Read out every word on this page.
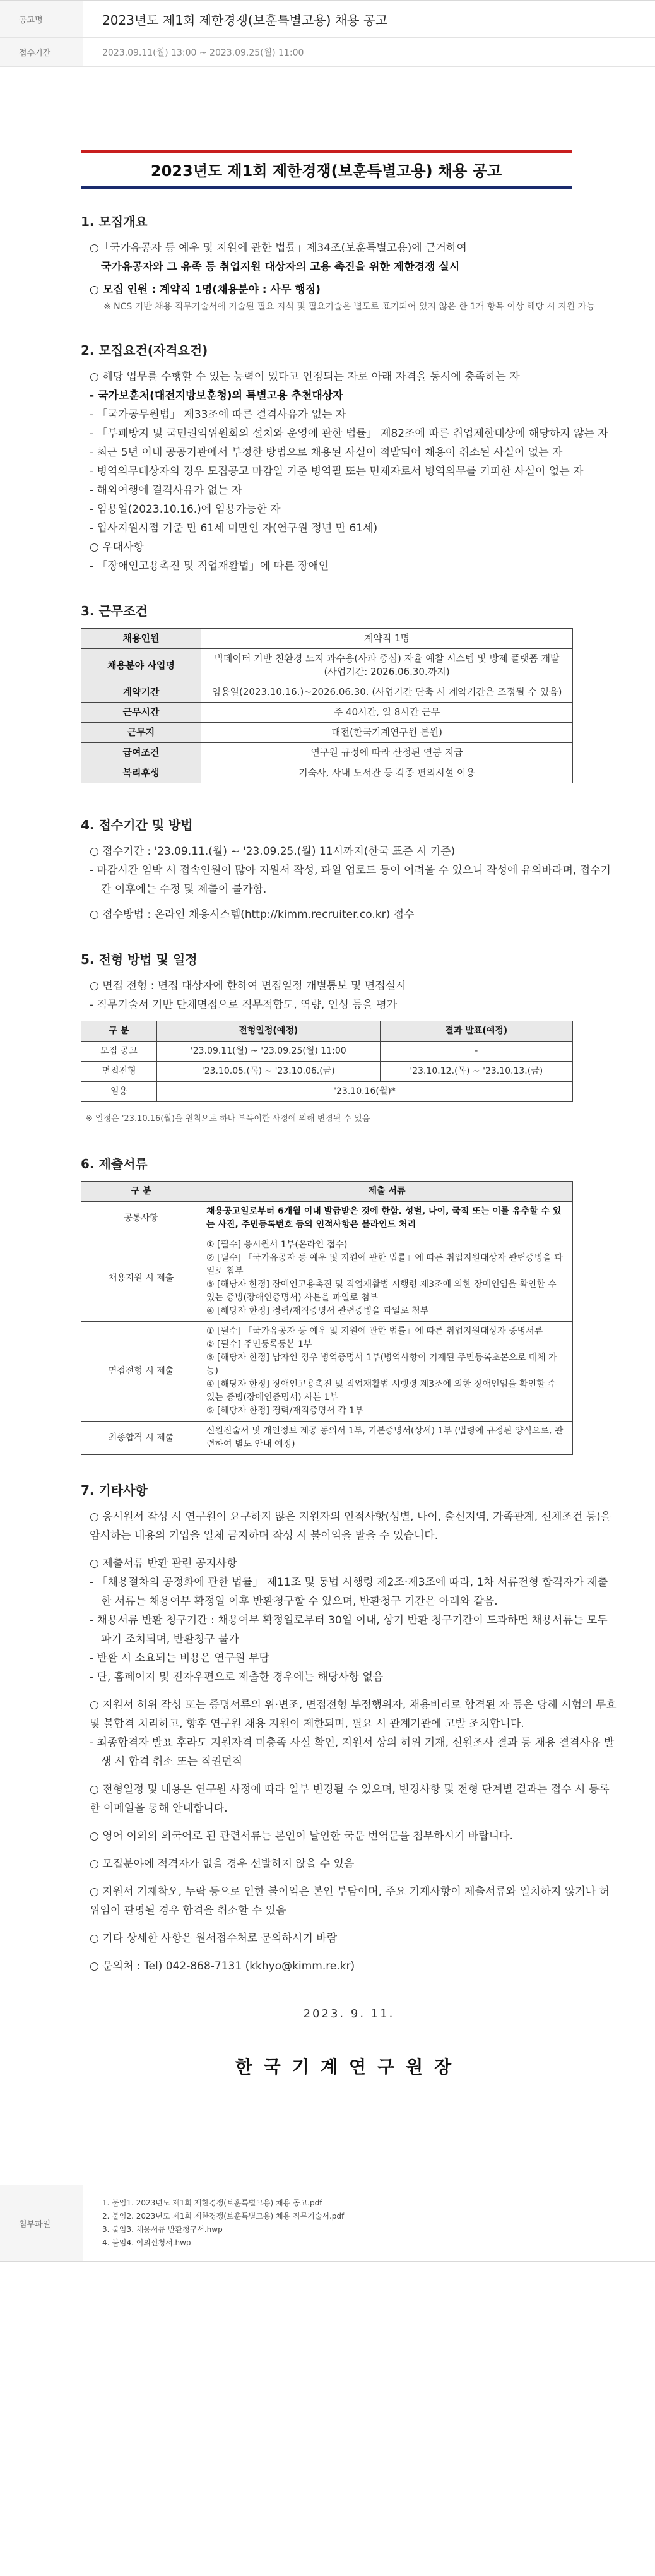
공고명	2023년도 제1회 제한경쟁(보훈특별고용) 채용 공고
접수기간	2023.09.11(월) 13:00 ~ 2023.09.25(월) 11:00
2023년도 제1회 제한경쟁(보훈특별고용) 채용 공고
1. 모집개요

○「국가유공자 등 예우 및 지원에 관한 법률」제34조(보훈특별고용)에 근거하여

국가유공자와 그 유족 등 취업지원 대상자의 고용 촉진을 위한 제한경쟁 실시

○ 모집 인원 : 계약직 1명(채용분야 : 사무 행정)

※ NCS 기반 채용 직무기술서에 기술된 필요 지식 및 필요기술은 별도로 표기되어 있지 않은 한 1개 항목 이상 해당 시 지원 가능

2. 모집요건(자격요건)

○ 해당 업무를 수행할 수 있는 능력이 있다고 인정되는 자로 아래 자격을 동시에 충족하는 자

- 국가보훈처(대전지방보훈청)의 특별고용 추천대상자

- 「국가공무원법」 제33조에 따른 결격사유가 없는 자

- 「부패방지 및 국민권익위원회의 설치와 운영에 관한 법률」 제82조에 따른 취업제한대상에 해당하지 않는 자

- 최근 5년 이내 공공기관에서 부정한 방법으로 채용된 사실이 적발되어 채용이 취소된 사실이 없는 자

- 병역의무대상자의 경우 모집공고 마감일 기준 병역필 또는 면제자로서 병역의무를 기피한 사실이 없는 자

- 해외여행에 결격사유가 없는 자

- 임용일(2023.10.16.)에 임용가능한 자

- 입사지원시점 기준 만 61세 미만인 자(연구원 정년 만 61세)

○ 우대사항

- 「장애인고용촉진 및 직업재활법」에 따른 장애인

3. 근무조건
채용인원	계약직 1명
채용분야 사업명	빅데이터 기반 친환경 노지 과수용(사과 중심) 자율 예찰 시스템 및 방제 플랫폼 개발 (사업기간: 2026.06.30.까지)
계약기간	임용일(2023.10.16.)~2026.06.30. (사업기간 단축 시 계약기간은 조정될 수 있음)
근무시간	주 40시간, 일 8시간 근무
근무지	대전(한국기계연구원 본원)
급여조건	연구원 규정에 따라 산정된 연봉 지급
복리후생	기숙사, 사내 도서관 등 각종 편의시설 이용
4. 접수기간 및 방법

○ 접수기간 : '23.09.11.(월) ~ '23.09.25.(월) 11시까지(한국 표준 시 기준)

- 마감시간 임박 시 접속인원이 많아 지원서 작성, 파일 업로드 등이 어려울 수 있으니 작성에 유의바라며, 접수기간 이후에는 수정 및 제출이 불가함.

○ 접수방법 : 온라인 채용시스템(http://kimm.recruiter.co.kr) 접수

5. 전형 방법 및 일정

○ 면접 전형 : 면접 대상자에 한하여 면접일정 개별통보 및 면접실시

- 직무기술서 기반 단체면접으로 직무적합도, 역량, 인성 등을 평가

구 분	전형일정(예정)	결과 발표(예정)
모집 공고	'23.09.11(월) ~ '23.09.25(월) 11:00	-
면접전형	'23.10.05.(목) ~ '23.10.06.(금)	'23.10.12.(목) ~ '23.10.13.(금)
임용	'23.10.16(월)*	

※ 일정은 '23.10.16(월)을 원칙으로 하나 부득이한 사정에 의해 변경될 수 있음

6. 제출서류
구 분	제출 서류
공통사항	채용공고일로부터 6개월 이내 발급받은 것에 한함. 성별, 나이, 국적 또는 이를 유추할 수 있는 사진, 주민등록번호 등의 인적사항은 블라인드 처리
채용지원 시 제출	① [필수] 응시원서 1부(온라인 접수)
② [필수] 「국가유공자 등 예우 및 지원에 관한 법률」에 따른 취업지원대상자 관련증빙을 파일로 첨부
③ [해당자 한정] 장애인고용촉진 및 직업재활법 시행령 제3조에 의한 장애인임을 확인할 수 있는 증빙(장애인증명서) 사본을 파일로 첨부
④ [해당자 한정] 경력/재직증명서 관련증빙을 파일로 첨부

면접전형 시 제출	① [필수] 「국가유공자 등 예우 및 지원에 관한 법률」에 따른 취업지원대상자 증명서류
② [필수] 주민등록등본 1부
③ [해당자 한정] 남자인 경우 병역증명서 1부(병역사항이 기재된 주민등록초본으로 대체 가능)
④ [해당자 한정] 장애인고용촉진 및 직업재활법 시행령 제3조에 의한 장애인임을 확인할 수 있는 증빙(장애인증명서) 사본 1부
⑤ [해당자 한정] 경력/재직증명서 각 1부

최종합격 시 제출	신원진술서 및 개인정보 제공 동의서 1부, 기본증명서(상세) 1부 (법령에 규정된 양식으로, 관련하여 별도 안내 예정)
7. 기타사항

○ 응시원서 작성 시 연구원이 요구하지 않은 지원자의 인적사항(성별, 나이, 출신지역, 가족관계, 신체조건 등)을 암시하는 내용의 기입을 일체 금지하며 작성 시 불이익을 받을 수 있습니다.

○ 제출서류 반환 관련 공지사항

- 「채용절차의 공정화에 관한 법률」 제11조 및 동법 시행령 제2조·제3조에 따라, 1차 서류전형 합격자가 제출한 서류는 채용여부 확정일 이후 반환청구할 수 있으며, 반환청구 기간은 아래와 같음.

- 채용서류 반환 청구기간 : 채용여부 확정일로부터 30일 이내, 상기 반환 청구기간이 도과하면 채용서류는 모두 파기 조치되며, 반환청구 불가

- 반환 시 소요되는 비용은 연구원 부담

- 단, 홈페이지 및 전자우편으로 제출한 경우에는 해당사항 없음

○ 지원서 허위 작성 또는 증명서류의 위·변조, 면접전형 부정행위자, 채용비리로 합격된 자 등은 당해 시험의 무효 및 불합격 처리하고, 향후 연구원 채용 지원이 제한되며, 필요 시 관계기관에 고발 조치합니다.

- 최종합격자 발표 후라도 지원자격 미충족 사실 확인, 지원서 상의 허위 기재, 신원조사 결과 등 채용 결격사유 발생 시 합격 취소 또는 직권면직

○ 전형일정 및 내용은 연구원 사정에 따라 일부 변경될 수 있으며, 변경사항 및 전형 단계별 결과는 접수 시 등록한 이메일을 통해 안내합니다.

○ 영어 이외의 외국어로 된 관련서류는 본인이 날인한 국문 번역문을 첨부하시기 바랍니다.

○ 모집분야에 적격자가 없을 경우 선발하지 않을 수 있음

○ 지원서 기재착오, 누락 등으로 인한 불이익은 본인 부담이며, 주요 기재사항이 제출서류와 일치하지 않거나 허위임이 판명될 경우 합격을 취소할 수 있음

○ 기타 상세한 사항은 원서접수처로 문의하시기 바람

○ 문의처 : Tel) 042-868-7131 (kkhyo@kimm.re.kr)

2023. 9. 11.
한국기계연구원장
첨부파일
1. 붙임1. 2023년도 제1회 제한경쟁(보훈특별고용) 채용 공고.pdf
2. 붙임2. 2023년도 제1회 제한경쟁(보훈특별고용) 채용 직무기술서.pdf
3. 붙임3. 채용서류 반환청구서.hwp
4. 붙임4. 이의신청서.hwp
